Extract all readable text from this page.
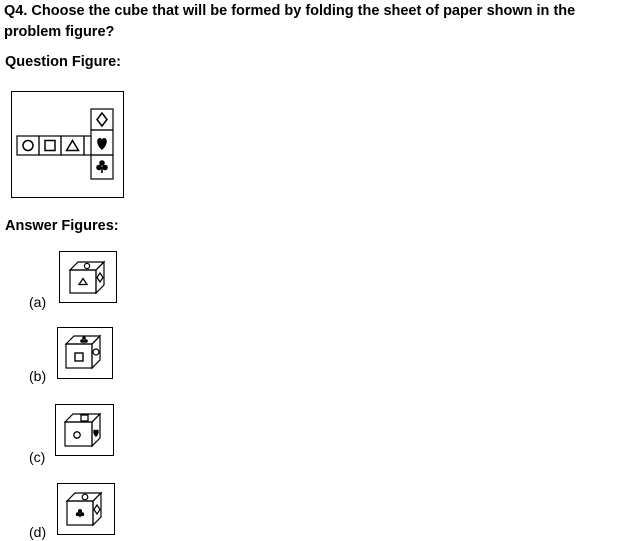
Q4. Choose the cube that will be formed by folding the sheet of paper shown in the problem figure?
Question Figure:
Answer Figures:
(a)
(b)
(c)
(d)
